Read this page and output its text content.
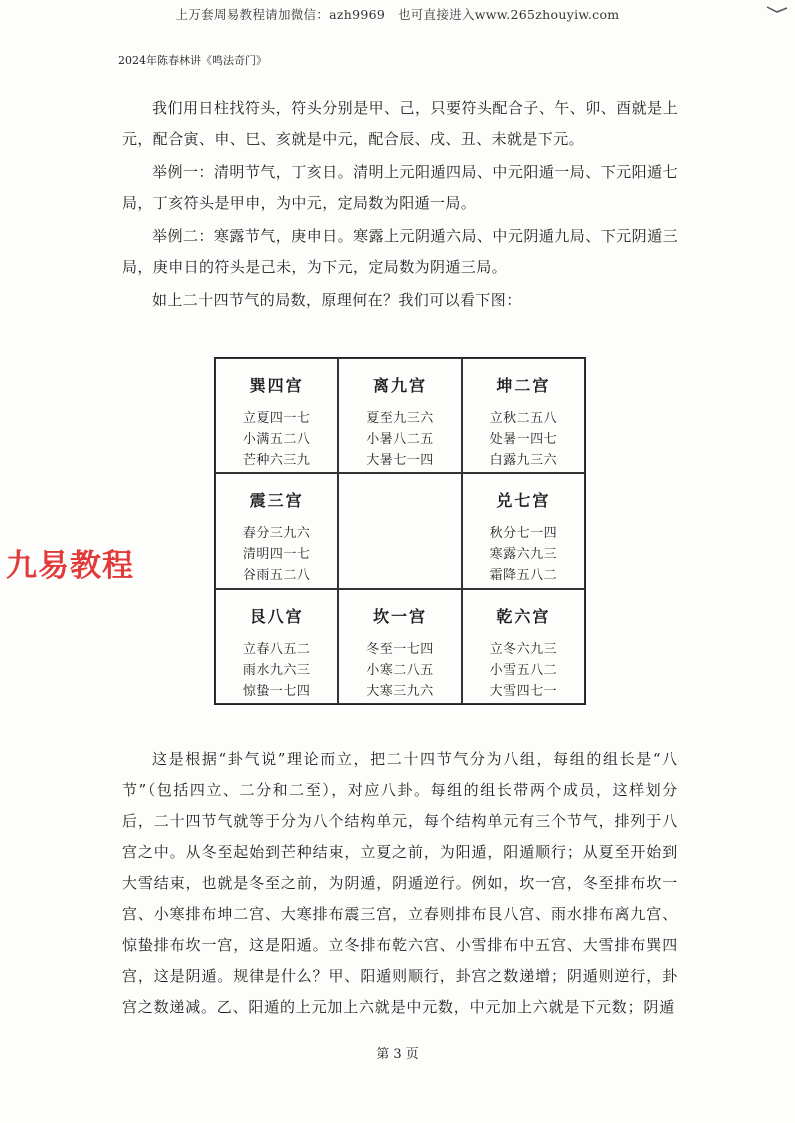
上万套周易教程请加微信：azh9969　也可直接进入www.265zhouyiw.com
2024年陈春林讲《鸣法奇门》

我们用日柱找符头，符头分别是甲、己，只要符头配合子、午、卯、酉就是上元，配合寅、申、巳、亥就是中元，配合辰、戌、丑、未就是下元。

举例一：清明节气，丁亥日。清明上元阳遁四局、中元阳遁一局、下元阳遁七局，丁亥符头是甲申，为中元，定局数为阳遁一局。

举例二：寒露节气，庚申日。寒露上元阴遁六局、中元阴遁九局、下元阴遁三局，庚申日的符头是己未，为下元，定局数为阴遁三局。

如上二十四节气的局数，原理何在？我们可以看下图：

巽四宫
立夏四一七
小满五二八
芒种六三九
离九宫
夏至九三六
小暑八二五
大暑七一四
坤二宫
立秋二五八
处暑一四七
白露九三六
震三宫
春分三九六
清明四一七
谷雨五二八
兑七宫
秋分七一四
寒露六九三
霜降五八二
艮八宫
立春八五二
雨水九六三
惊蛰一七四
坎一宫
冬至一七四
小寒二八五
大寒三九六
乾六宫
立冬六九三
小雪五八二
大雪四七一
九易教程

这是根据“卦气说”理论而立，把二十四节气分为八组，每组的组长是“八节”（包括四立、二分和二至），对应八卦。每组的组长带两个成员，这样划分后，二十四节气就等于分为八个结构单元，每个结构单元有三个节气，排列于八宫之中。从冬至起始到芒种结束，立夏之前，为阳遁，阳遁顺行；从夏至开始到大雪结束，也就是冬至之前，为阴遁，阴遁逆行。例如，坎一宫，冬至排布坎一宫、小寒排布坤二宫、大寒排布震三宫，立春则排布艮八宫、雨水排布离九宫、惊蛰排布坎一宫，这是阳遁。立冬排布乾六宫、小雪排布中五宫、大雪排布巽四宫，这是阴遁。规律是什么？甲、阳遁则顺行，卦宫之数递增；阴遁则逆行，卦宫之数递减。乙、阳遁的上元加上六就是中元数，中元加上六就是下元数；阴遁

第 3 页
